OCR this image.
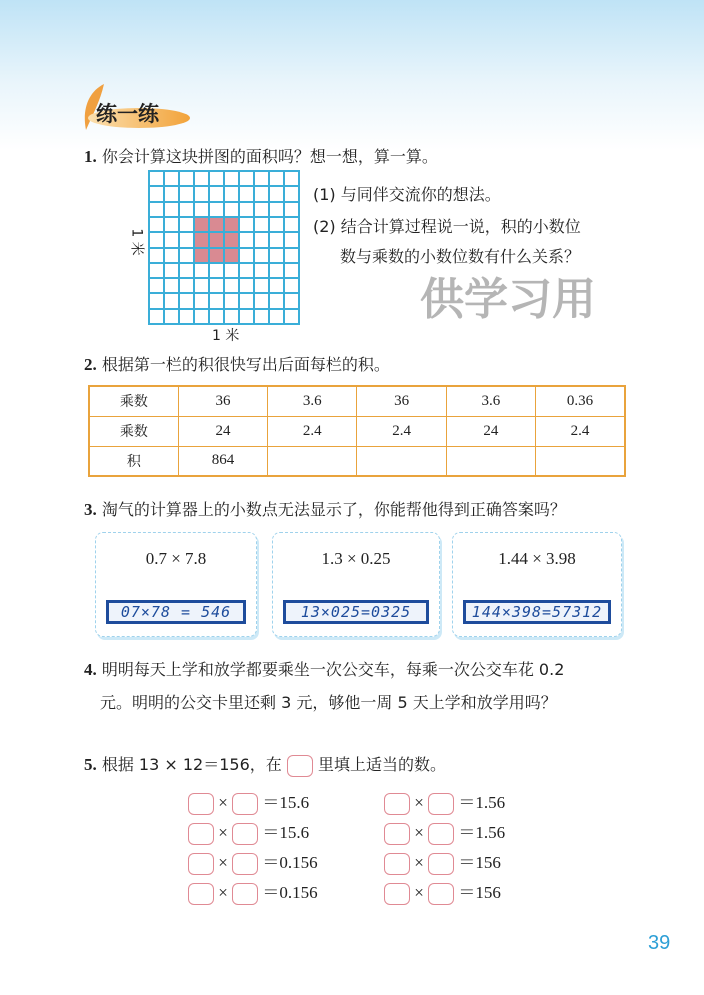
练一练
1. 你会计算这块拼图的面积吗？想一想，算一算。
1 米
1 米
(1) 与同伴交流你的想法。
(2) 结合计算过程说一说，积的小数位
数与乘数的小数位数有什么关系？
供学习用
2. 根据第一栏的积很快写出后面每栏的积。
乘数	36	3.6	36	3.6	0.36
乘数	24	2.4	2.4	24	2.4
积	864				
3. 淘气的计算器上的小数点无法显示了，你能帮他得到正确答案吗？
0.7 × 7.8
07×78 = 546
1.3 × 0.25
13×025=0325
1.44 × 3.98
144×398=57312
4. 明明每天上学和放学都要乘坐一次公交车，每乘一次公交车花 0.2
元。明明的公交卡里还剩 3 元，够他一周 5 天上学和放学用吗？
5. 根据 13 × 12＝156，在 里填上适当的数。
× ＝15.6
× ＝15.6
× ＝0.156
× ＝0.156
× ＝1.56
× ＝1.56
× ＝156
× ＝156
39
